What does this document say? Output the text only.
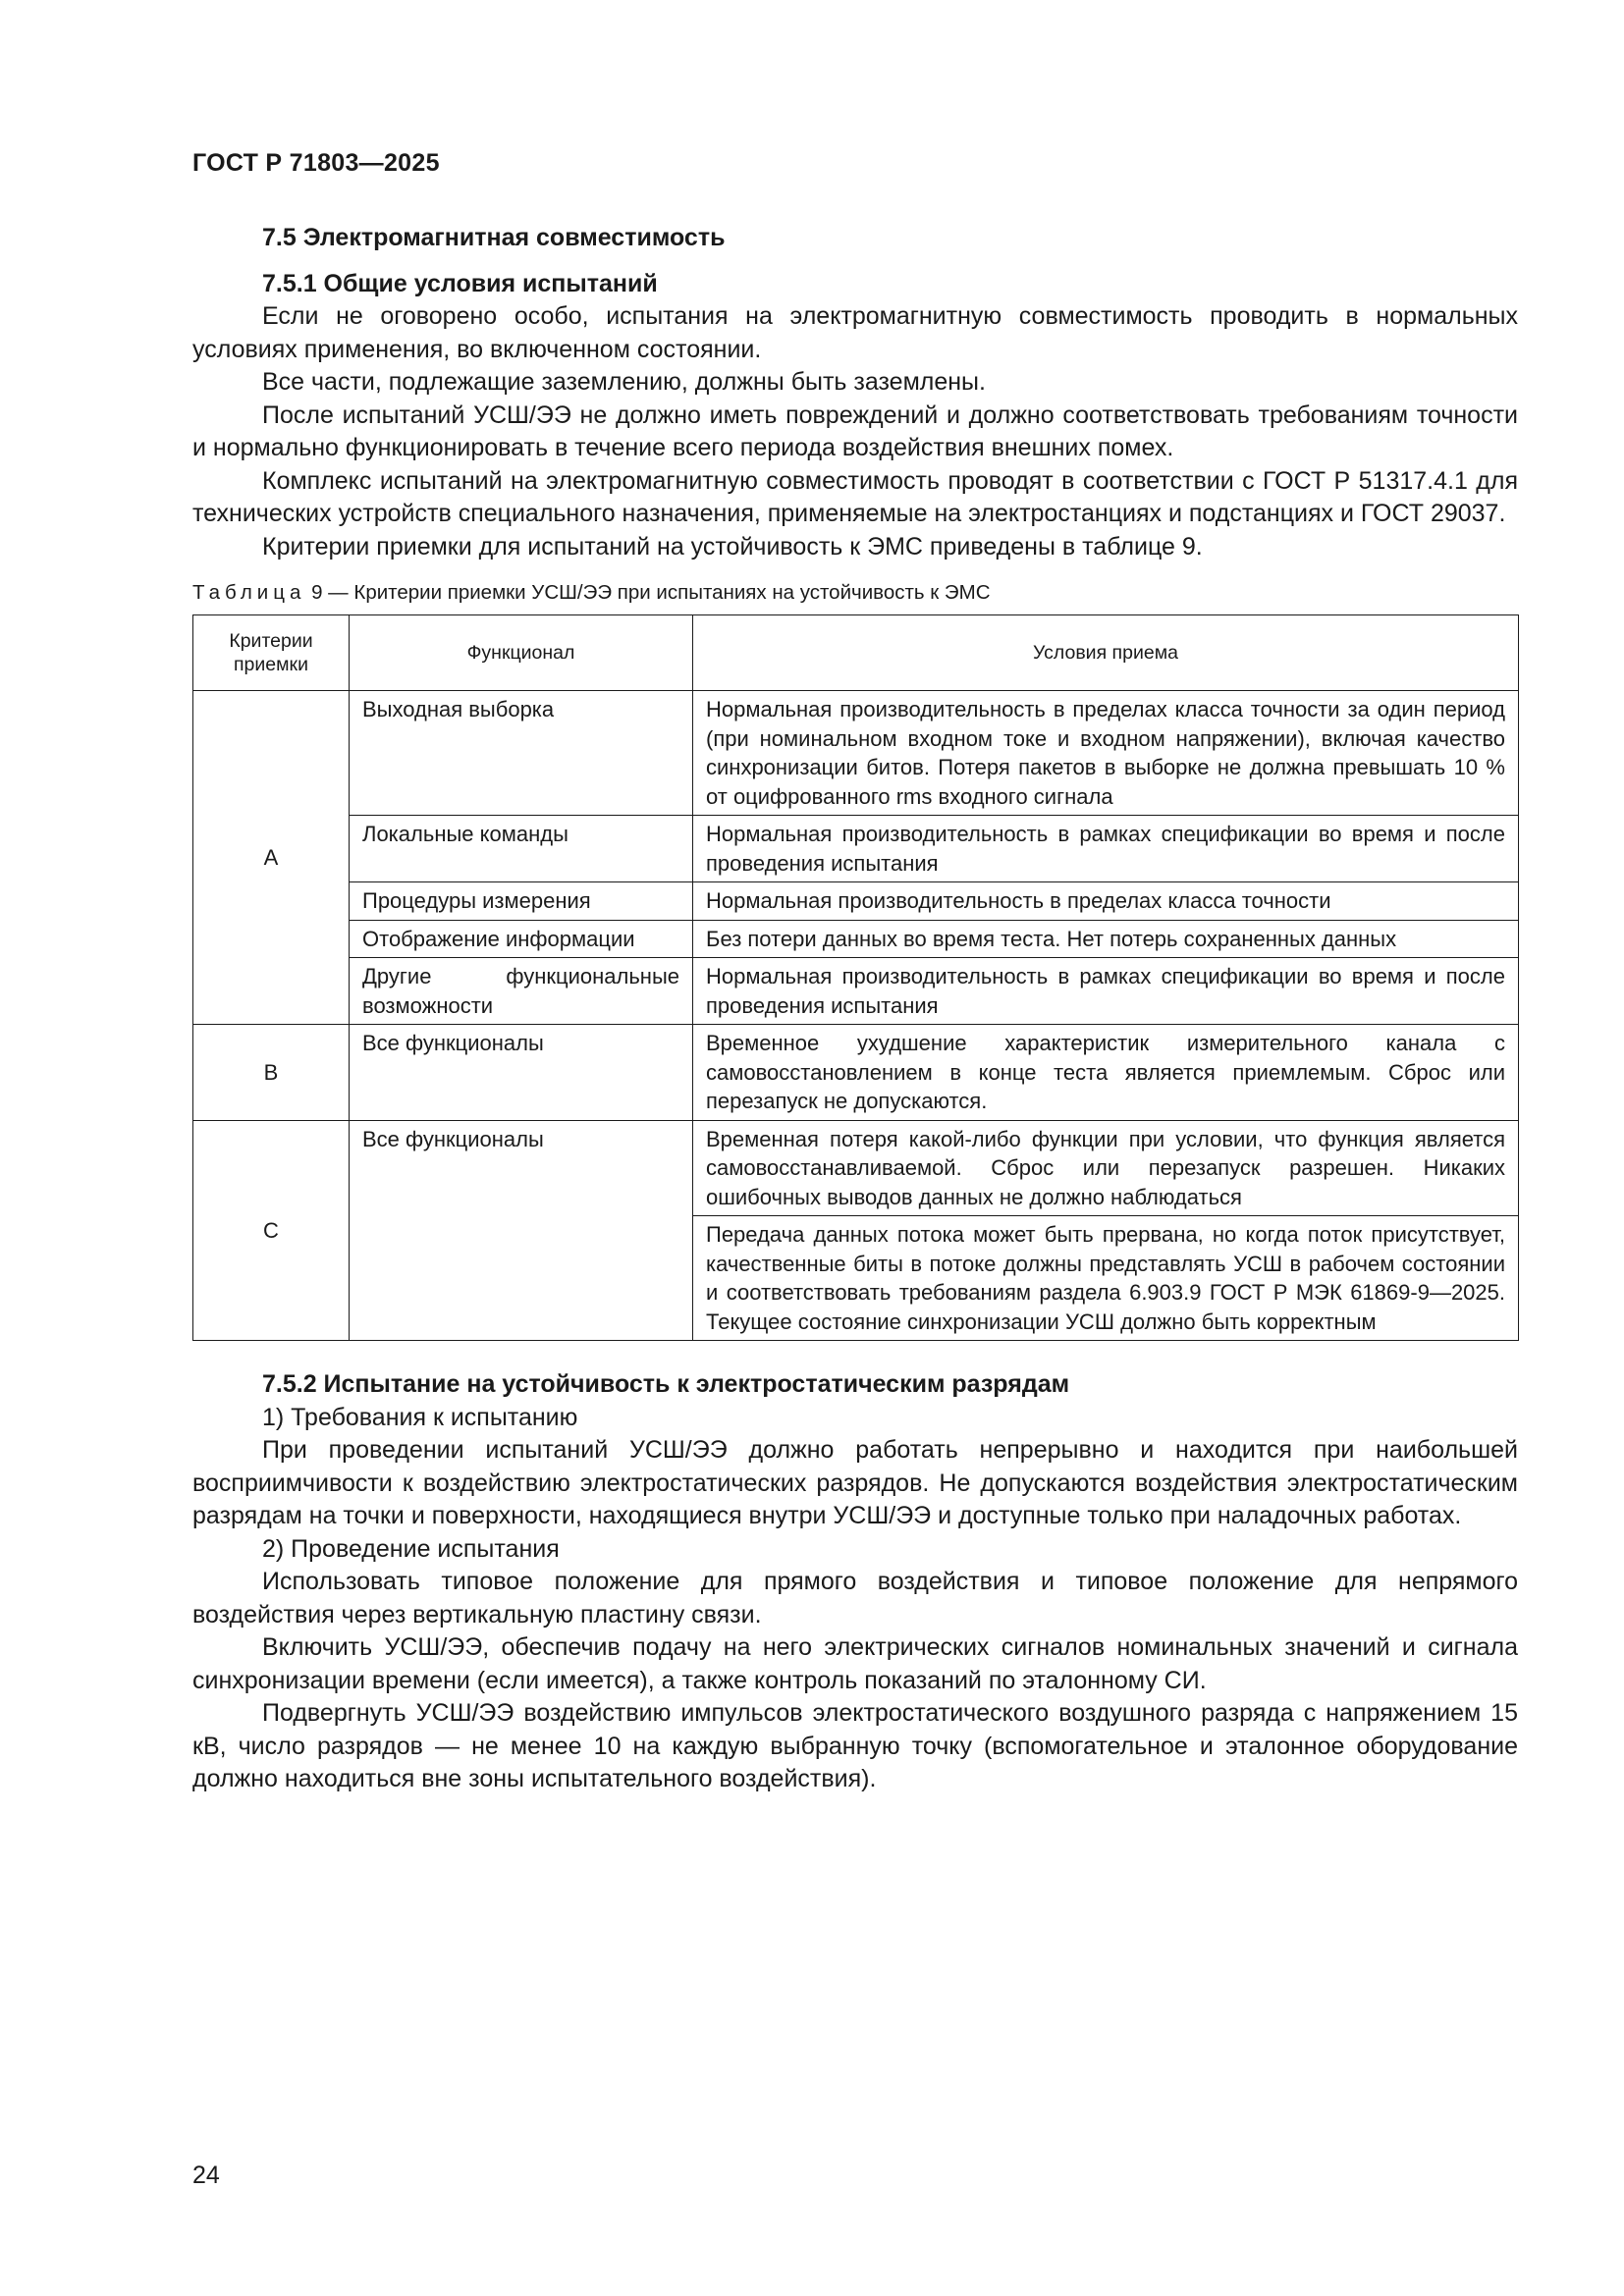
ГОСТ Р 71803—2025
7.5 Электромагнитная совместимость
7.5.1 Общие условия испытаний

Если не оговорено особо, испытания на электромагнитную совместимость проводить в нормальных условиях применения, во включенном состоянии.

Все части, подлежащие заземлению, должны быть заземлены.

После испытаний УСШ/ЭЭ не должно иметь повреждений и должно соответствовать требованиям точности и нормально функционировать в течение всего периода воздействия внешних помех.

Комплекс испытаний на электромагнитную совместимость проводят в соответствии с ГОСТ Р 51317.4.1 для технических устройств специального назначения, применяемые на электростанциях и подстанциях и ГОСТ 29037.

Критерии приемки для испытаний на устойчивость к ЭМС приведены в таблице 9.

Таблица 9 — Критерии приемки УСШ/ЭЭ при испытаниях на устойчивость к ЭМС
Критерии приемки	Функционал	Условия приема
A	Выходная выборка	Нормальная производительность в пределах класса точности за один период (при номинальном входном токе и входном напряжении), включая качество синхронизации битов. Потеря пакетов в выборке не должна превышать 10 % от оцифрованного rms входного сигнала
	Локальные команды	Нормальная производительность в рамках спецификации во время и после проведения испытания
	Процедуры измерения	Нормальная производительность в пределах класса точности
	Отображение информации	Без потери данных во время теста. Нет потерь сохраненных данных
	Другие функциональные возможности	Нормальная производительность в рамках спецификации во время и после проведения испытания
B	Все функционалы	Временное ухудшение характеристик измерительного канала с самовосстановлением в конце теста является приемлемым. Сброс или перезапуск не допускаются.
C	Все функционалы	Временная потеря какой-либо функции при условии, что функция является самовосстанавливаемой. Сброс или перезапуск разрешен. Никаких ошибочных выводов данных не должно наблюдаться
		Передача данных потока может быть прервана, но когда поток присутствует, качественные биты в потоке должны представлять УСШ в рабочем состоянии и соответствовать требованиям раздела 6.903.9 ГОСТ Р МЭК 61869-9—2025. Текущее состояние синхронизации УСШ должно быть корректным
7.5.2 Испытание на устойчивость к электростатическим разрядам

1) Требования к испытанию

При проведении испытаний УСШ/ЭЭ должно работать непрерывно и находится при наибольшей восприимчивости к воздействию электростатических разрядов. Не допускаются воздействия электростатическим разрядам на точки и поверхности, находящиеся внутри УСШ/ЭЭ и доступные только при наладочных работах.

2) Проведение испытания

Использовать типовое положение для прямого воздействия и типовое положение для непрямого воздействия через вертикальную пластину связи.

Включить УСШ/ЭЭ, обеспечив подачу на него электрических сигналов номинальных значений и сигнала синхронизации времени (если имеется), а также контроль показаний по эталонному СИ.

Подвергнуть УСШ/ЭЭ воздействию импульсов электростатического воздушного разряда с напряжением 15 кВ, число разрядов — не менее 10 на каждую выбранную точку (вспомогательное и эталонное оборудование должно находиться вне зоны испытательного воздействия).

24
